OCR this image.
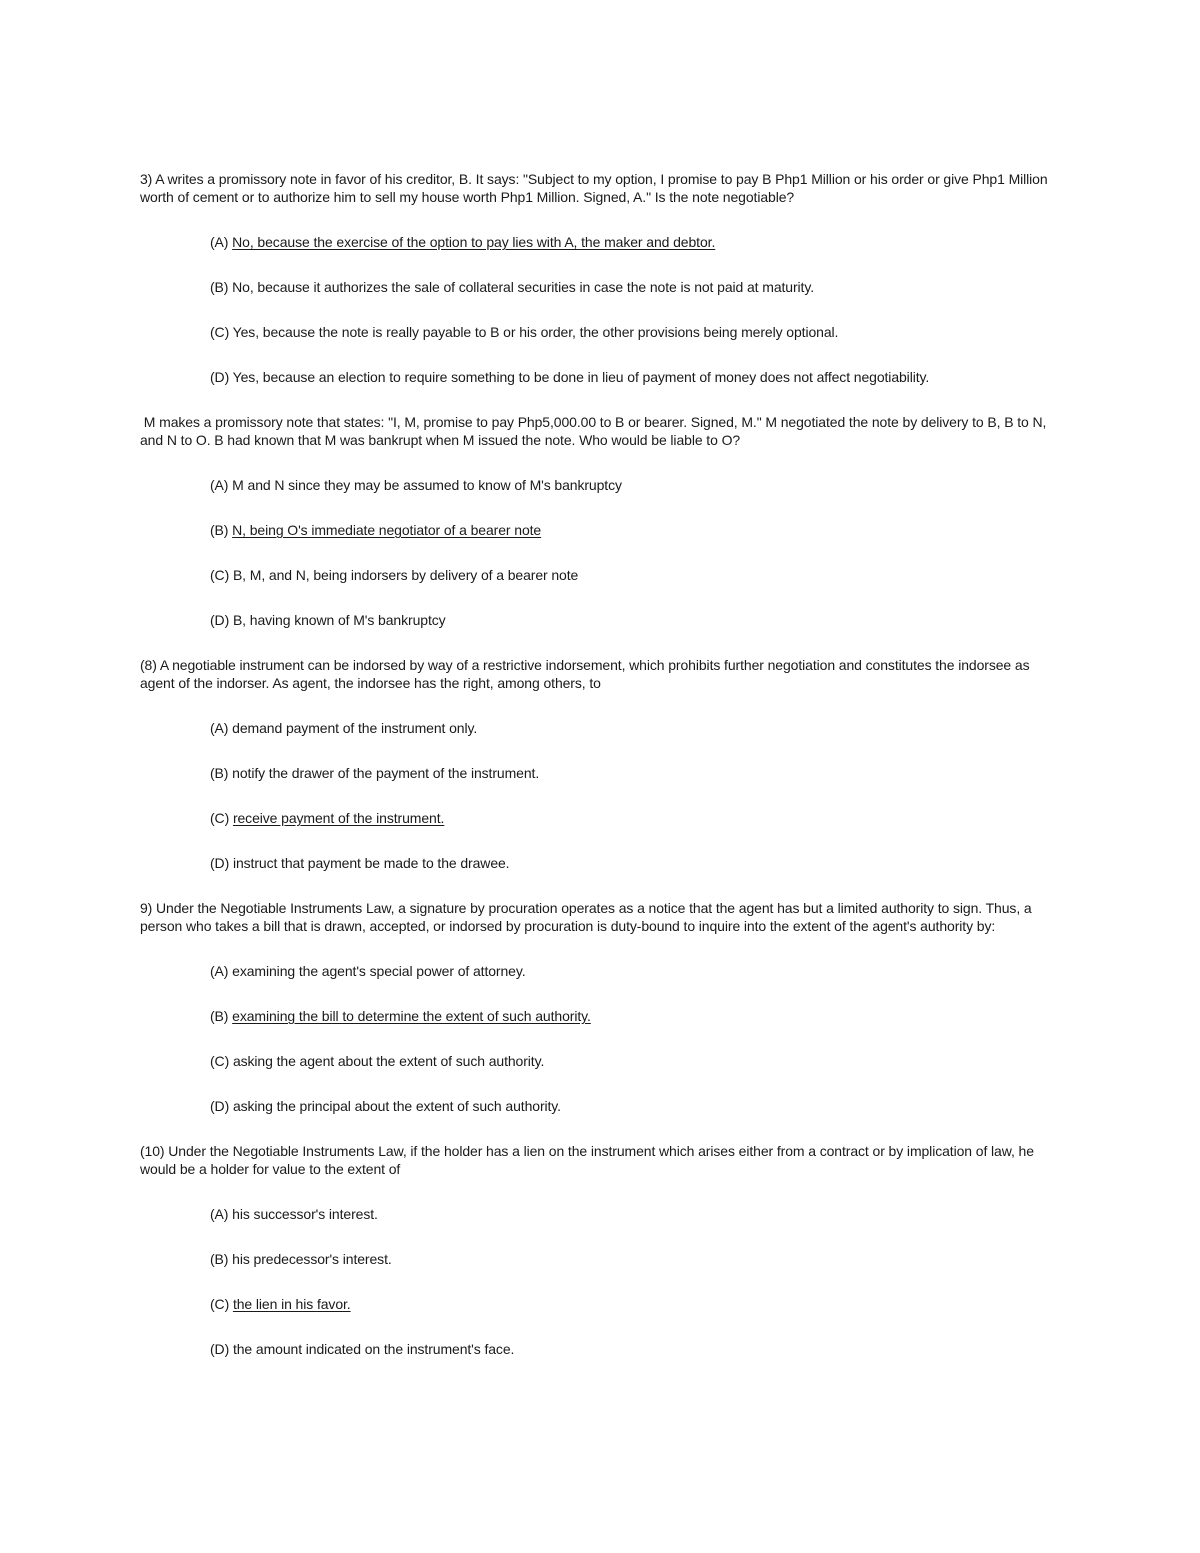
3) A writes a promissory note in favor of his creditor, B. It says: "Subject to my option, I promise to pay B Php1 Million or his order or give Php1 Million worth of cement or to authorize him to sell my house worth Php1 Million. Signed, A." Is the note negotiable?
(A) No, because the exercise of the option to pay lies with A, the maker and debtor.
(B) No, because it authorizes the sale of collateral securities in case the note is not paid at maturity.
(C) Yes, because the note is really payable to B or his order, the other provisions being merely optional.
(D) Yes, because an election to require something to be done in lieu of payment of money does not affect negotiability.
M makes a promissory note that states: "I, M, promise to pay Php5,000.00 to B or bearer. Signed, M." M negotiated the note by delivery to B, B to N, and N to O. B had known that M was bankrupt when M issued the note. Who would be liable to O?
(A) M and N since they may be assumed to know of M's bankruptcy
(B) N, being O's immediate negotiator of a bearer note
(C) B, M, and N, being indorsers by delivery of a bearer note
(D) B, having known of M's bankruptcy
(8) A negotiable instrument can be indorsed by way of a restrictive indorsement, which prohibits further negotiation and constitutes the indorsee as agent of the indorser. As agent, the indorsee has the right, among others, to
(A) demand payment of the instrument only.
(B) notify the drawer of the payment of the instrument.
(C) receive payment of the instrument.
(D) instruct that payment be made to the drawee.
9) Under the Negotiable Instruments Law, a signature by procuration operates as a notice that the agent has but a limited authority to sign. Thus, a person who takes a bill that is drawn, accepted, or indorsed by procuration is duty-bound to inquire into the extent of the agent's authority by:
(A) examining the agent's special power of attorney.
(B) examining the bill to determine the extent of such authority.
(C) asking the agent about the extent of such authority.
(D) asking the principal about the extent of such authority.
(10) Under the Negotiable Instruments Law, if the holder has a lien on the instrument which arises either from a contract or by implication of law, he would be a holder for value to the extent of
(A) his successor's interest.
(B) his predecessor's interest.
(C) the lien in his favor.
(D) the amount indicated on the instrument's face.
